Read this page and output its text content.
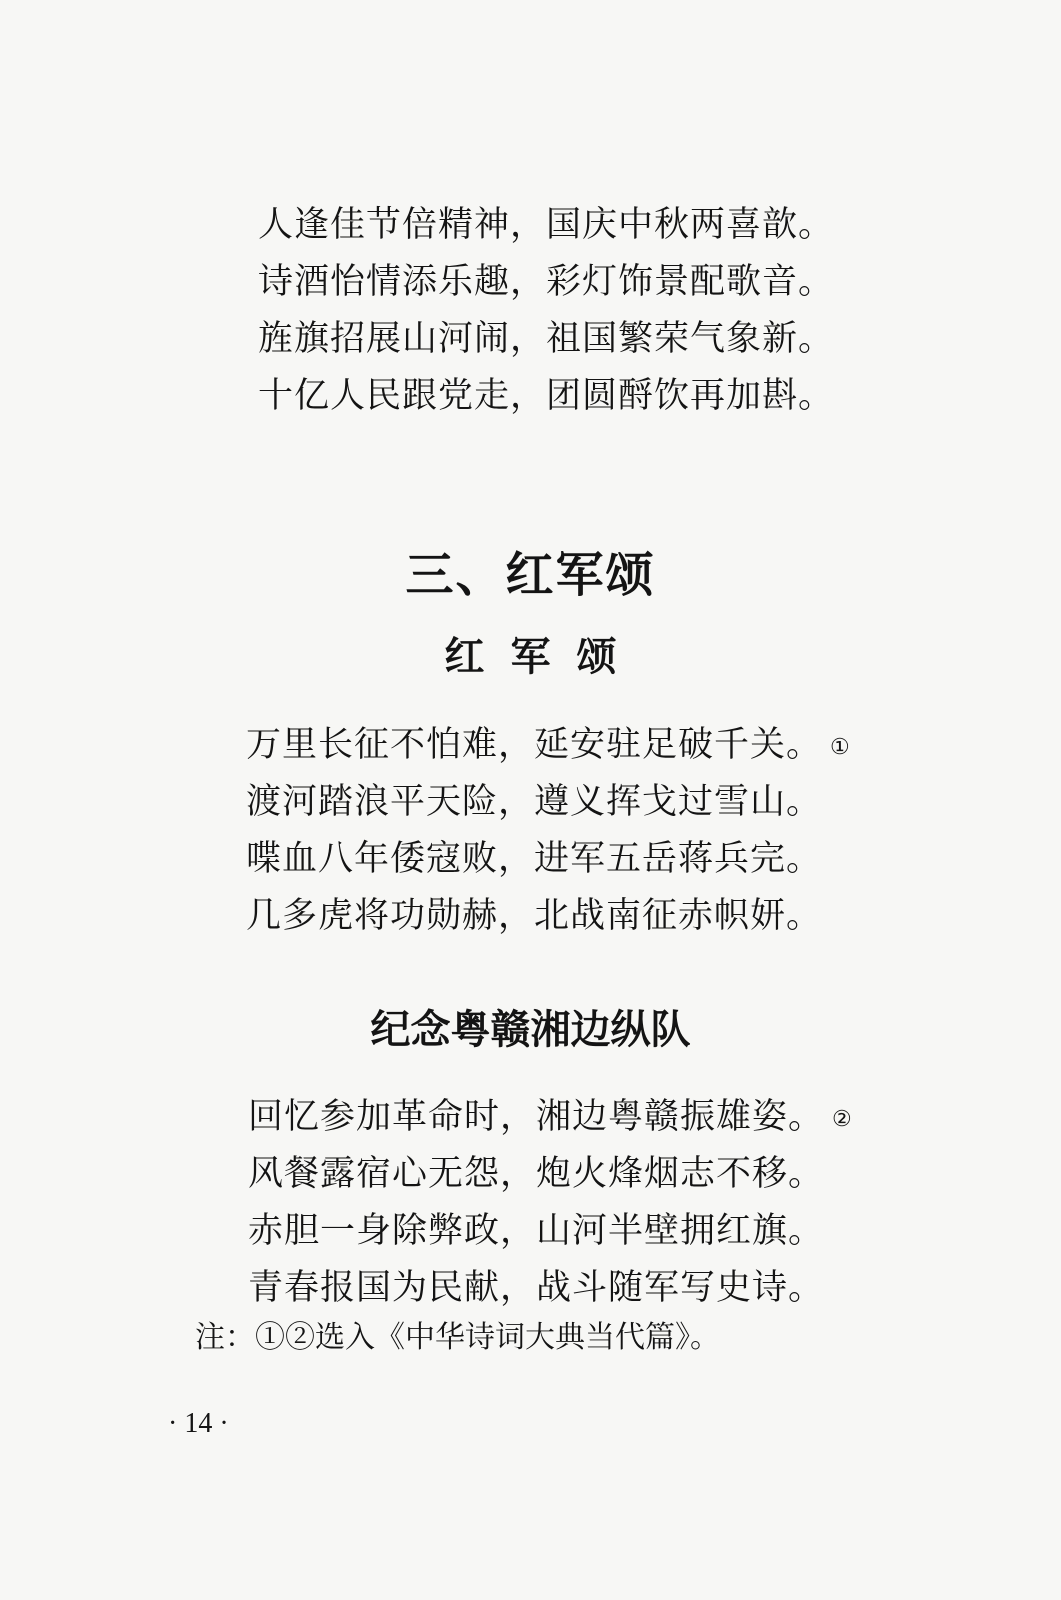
人逢佳节倍精神，国庆中秋两喜歆。
诗酒怡情添乐趣，彩灯饰景配歌音。
旌旗招展山河闹，祖国繁荣气象新。
十亿人民跟党走，团圆酹饮再加斟。
三、红军颂
红军颂
万里长征不怕难，延安驻足破千关。 ①
渡河踏浪平天险，遵义挥戈过雪山。
喋血八年倭寇败，进军五岳蒋兵完。
几多虎将功勋赫，北战南征赤帜妍。
纪念粤赣湘边纵队
回忆参加革命时，湘边粤赣振雄姿。 ②
风餐露宿心无怨，炮火烽烟志不移。
赤胆一身除弊政，山河半壁拥红旗。
青春报国为民献，战斗随军写史诗。
注：①②选入《中华诗词大典当代篇》。
· 14 ·
